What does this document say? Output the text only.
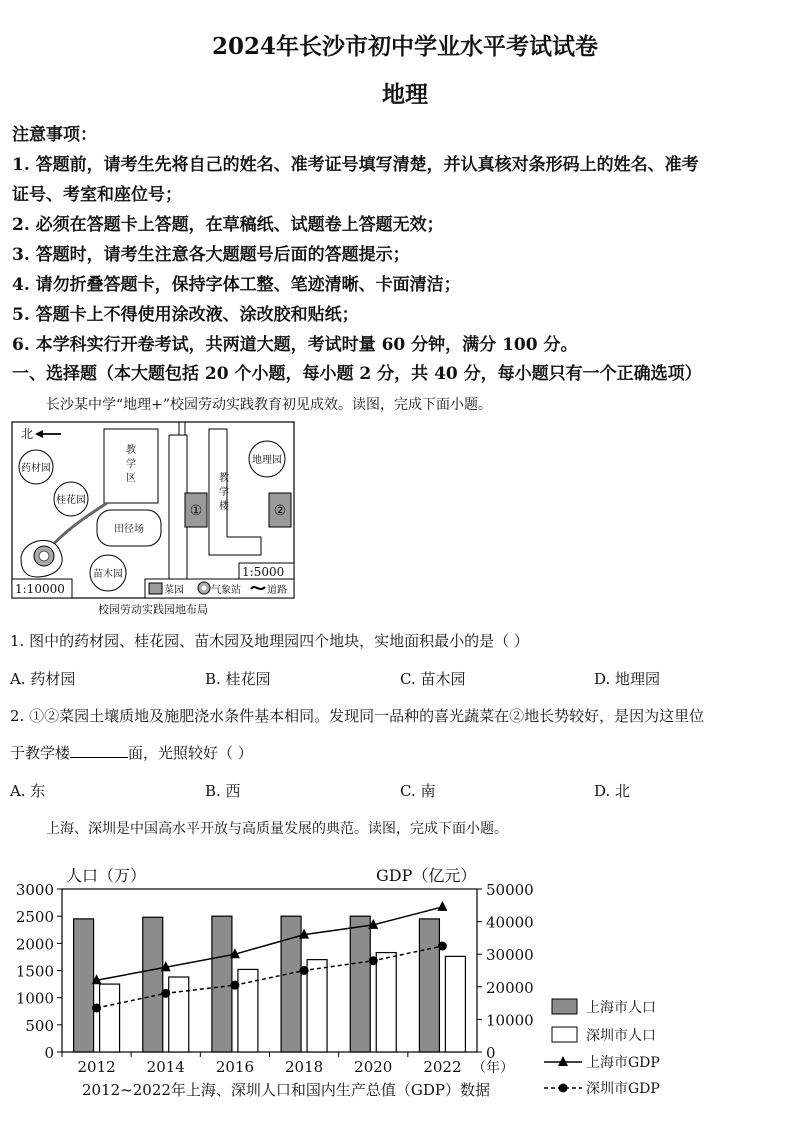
2024年长沙市初中学业水平考试试卷
地理
注意事项：
1. 答题前，请考生先将自己的姓名、准考证号填写清楚，并认真核对条形码上的姓名、准考
证号、考室和座位号；
2. 必须在答题卡上答题，在草稿纸、试题卷上答题无效；
3. 答题时，请考生注意各大题题号后面的答题提示；
4. 请勿折叠答题卡，保持字体工整、笔迹清晰、卡面清洁；
5. 答题卡上不得使用涂改液、涂改胶和贴纸；
6. 本学科实行开卷考试，共两道大题，考试时量 60 分钟，满分 100 分。
一、选择题（本大题包括 20 个小题，每小题 2 分，共 40 分，每小题只有一个正确选项）
长沙某中学“地理+”校园劳动实践教育初见成效。读图，完成下面小题。
北
教
学
区
药材园
桂花园
田径场
苗木园
教
学
楼
地理园
①	②
1:10000
1:5000
菜园	气象站	道路
校园劳动实践园地布局
1. 图中的药材园、桂花园、苗木园及地理园四个地块，实地面积最小的是（ ）
A. 药材园	B. 桂花园	C. 苗木园	D. 地理园
2. ①②菜园土壤质地及施肥浇水条件基本相同。发现同一品种的喜光蔬菜在②地长势较好，是因为这里位
于教学楼	面，光照较好（ ）
A. 东	B. 西	C. 南	D. 北
上海、深圳是中国高水平开放与高质量发展的典范。读图，完成下面小题。
人口（万）	GDP（亿元）
（年）
2012~2022年上海、深圳人口和国内生产总值（GDP）数据
0
500
1000
1500
2000
2500
3000
0
10000
20000
30000
40000
50000
2012 2014 2016 2018 2020 2022
上海市人口
深圳市人口
上海市GDP
深圳市GDP
